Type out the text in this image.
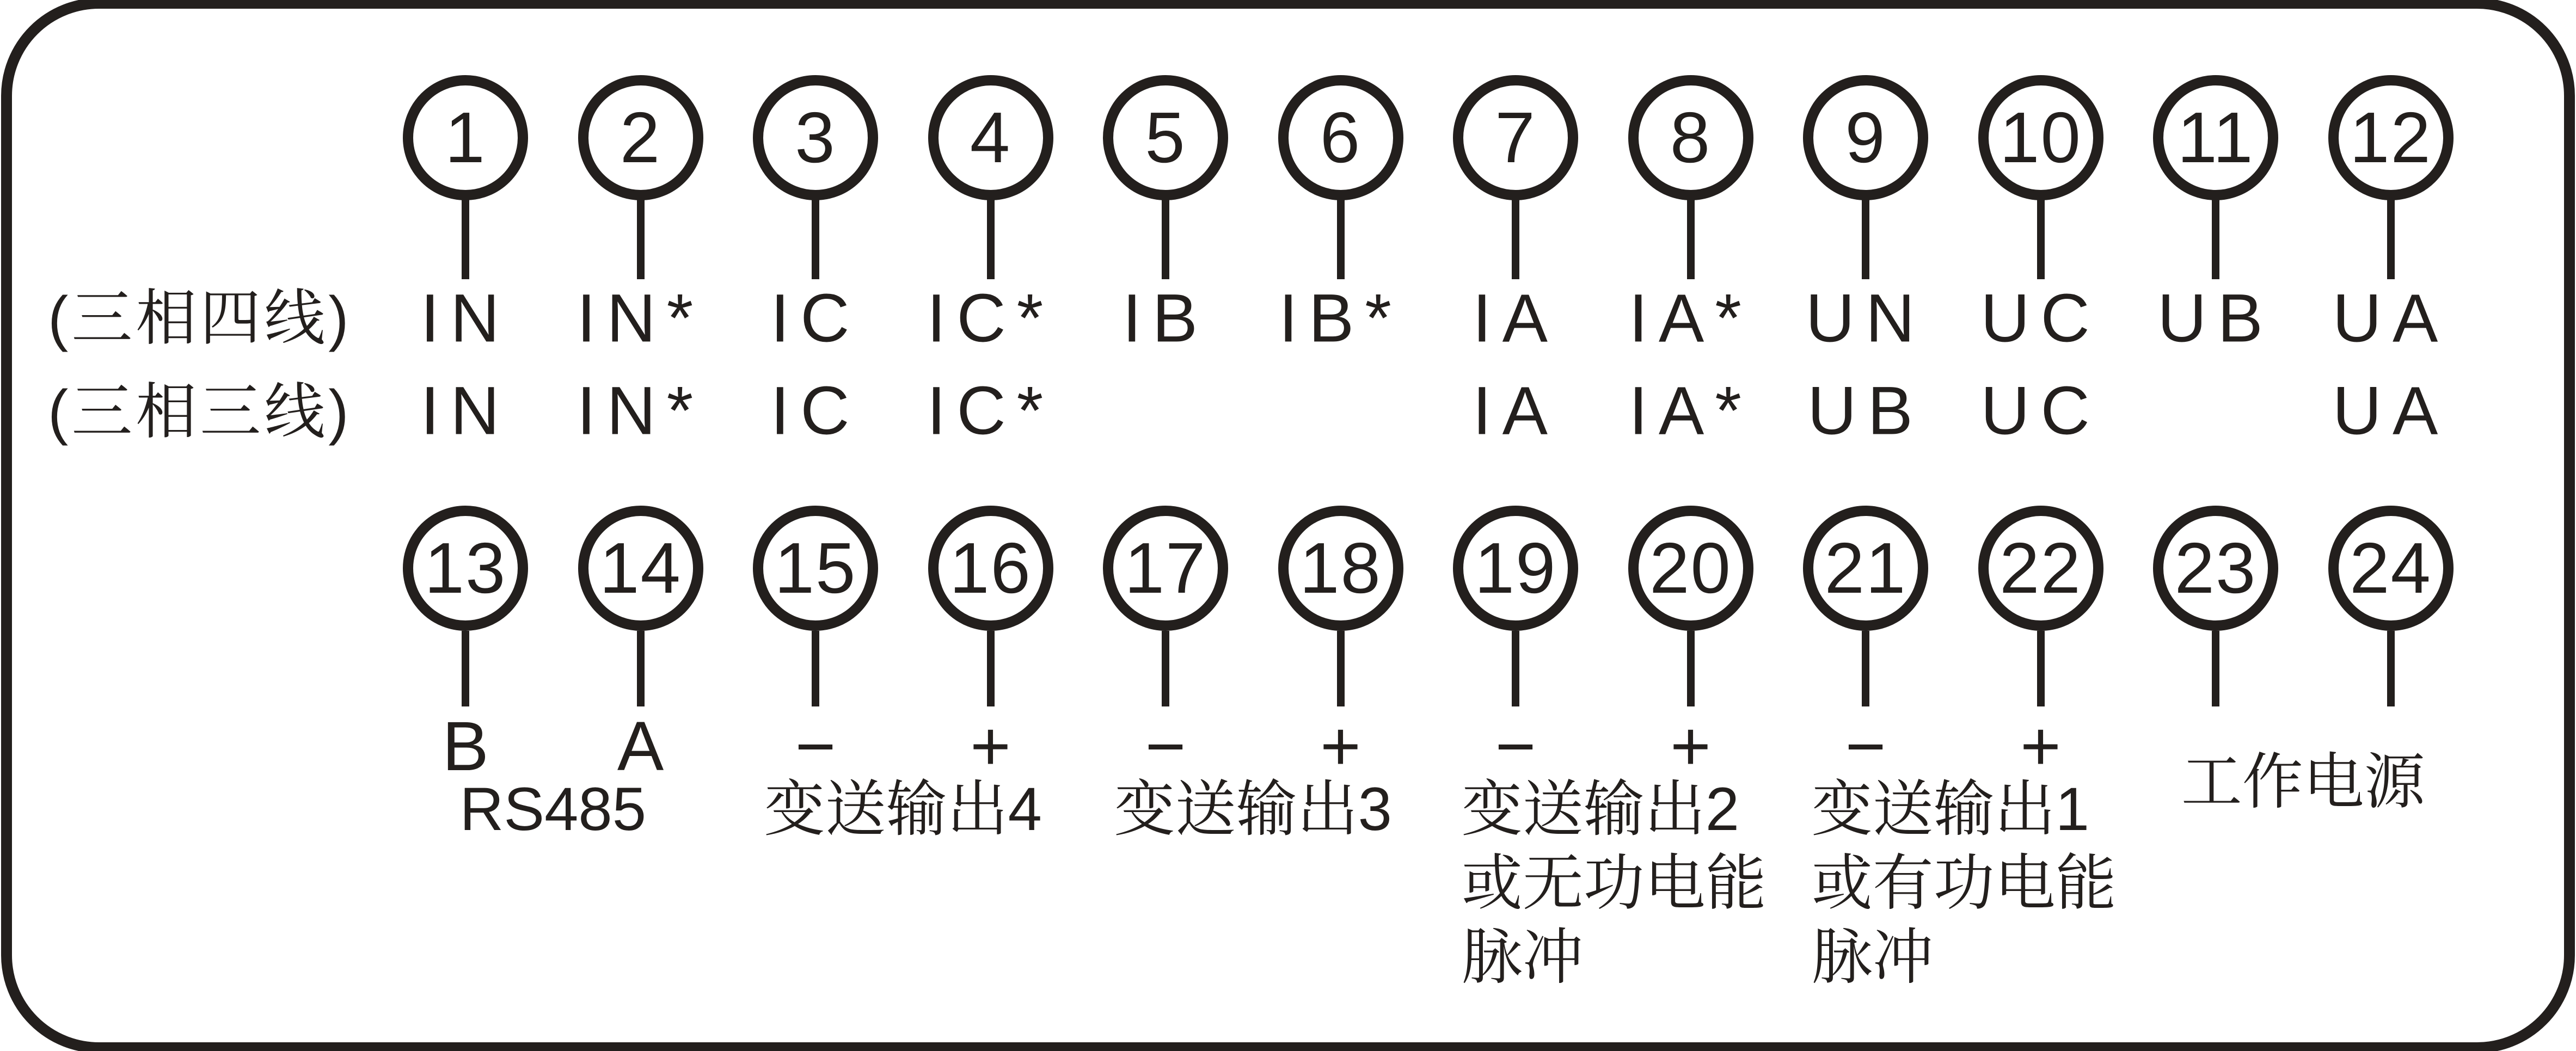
(三相四线)
(三相三线)
1
IN
IN
2
IN*
IN*
3
IC
IC
4
IC*
IC*
5
IB
6
IB*
7
IA
IA
8
IA*
IA*
9
UN
UB
10
UC
UC
11
UB
12
UA
UA
13
B
14
A
15
−
16
+
17
−
18
+
19
−
20
+
21
−
22
+
23 24
RS485 变送输出4 变送输出3 变送输出2
或无功电能
脉冲
变送输出1
或有功电能
脉冲
工作电源
